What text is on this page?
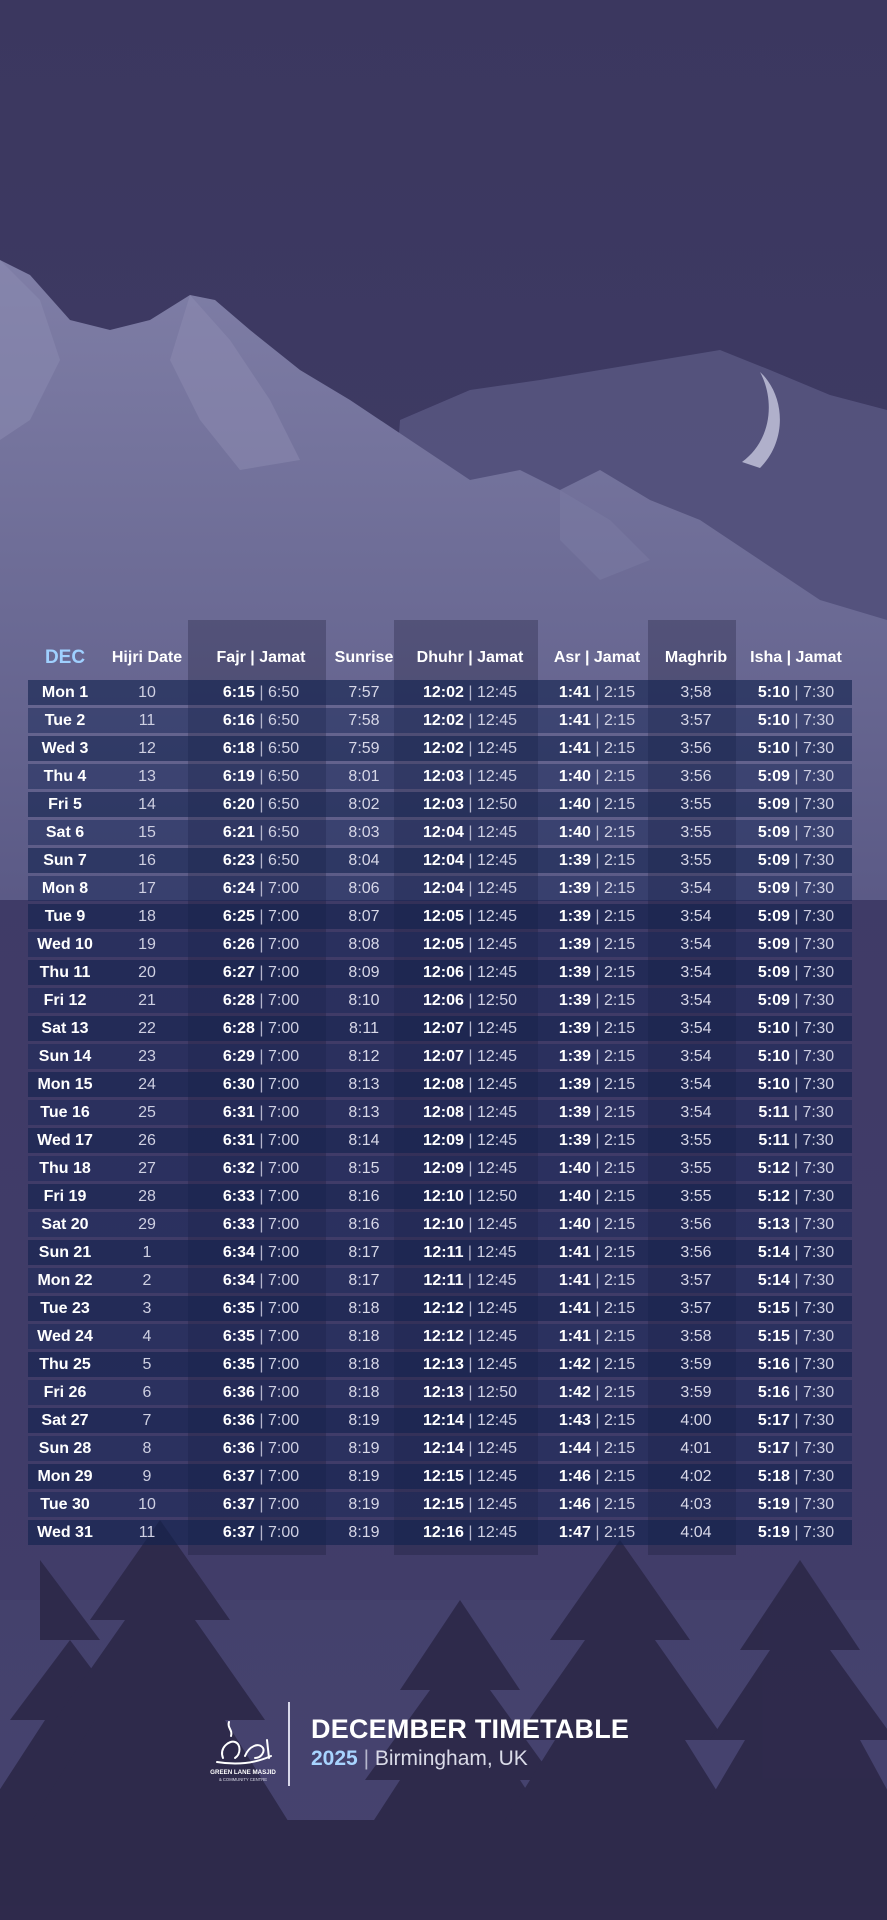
DEC	Hijri Date	Fajr | Jamat	Sunrise	Dhuhr | Jamat	Asr | Jamat	Maghrib	Isha | Jamat
Mon 1	10	6:15 | 6:50	7:57	12:02 | 12:45	1:41 | 2:15	3;58	5:10 | 7:30
Tue 2	11	6:16 | 6:50	7:58	12:02 | 12:45	1:41 | 2:15	3:57	5:10 | 7:30
Wed 3	12	6:18 | 6:50	7:59	12:02 | 12:45	1:41 | 2:15	3:56	5:10 | 7:30
Thu 4	13	6:19 | 6:50	8:01	12:03 | 12:45	1:40 | 2:15	3:56	5:09 | 7:30
Fri 5	14	6:20 | 6:50	8:02	12:03 | 12:50	1:40 | 2:15	3:55	5:09 | 7:30
Sat 6	15	6:21 | 6:50	8:03	12:04 | 12:45	1:40 | 2:15	3:55	5:09 | 7:30
Sun 7	16	6:23 | 6:50	8:04	12:04 | 12:45	1:39 | 2:15	3:55	5:09 | 7:30
Mon 8	17	6:24 | 7:00	8:06	12:04 | 12:45	1:39 | 2:15	3:54	5:09 | 7:30
Tue 9	18	6:25 | 7:00	8:07	12:05 | 12:45	1:39 | 2:15	3:54	5:09 | 7:30
Wed 10	19	6:26 | 7:00	8:08	12:05 | 12:45	1:39 | 2:15	3:54	5:09 | 7:30
Thu 11	20	6:27 | 7:00	8:09	12:06 | 12:45	1:39 | 2:15	3:54	5:09 | 7:30
Fri 12	21	6:28 | 7:00	8:10	12:06 | 12:50	1:39 | 2:15	3:54	5:09 | 7:30
Sat 13	22	6:28 | 7:00	8:11	12:07 | 12:45	1:39 | 2:15	3:54	5:10 | 7:30
Sun 14	23	6:29 | 7:00	8:12	12:07 | 12:45	1:39 | 2:15	3:54	5:10 | 7:30
Mon 15	24	6:30 | 7:00	8:13	12:08 | 12:45	1:39 | 2:15	3:54	5:10 | 7:30
Tue 16	25	6:31 | 7:00	8:13	12:08 | 12:45	1:39 | 2:15	3:54	5:11 | 7:30
Wed 17	26	6:31 | 7:00	8:14	12:09 | 12:45	1:39 | 2:15	3:55	5:11 | 7:30
Thu 18	27	6:32 | 7:00	8:15	12:09 | 12:45	1:40 | 2:15	3:55	5:12 | 7:30
Fri 19	28	6:33 | 7:00	8:16	12:10 | 12:50	1:40 | 2:15	3:55	5:12 | 7:30
Sat 20	29	6:33 | 7:00	8:16	12:10 | 12:45	1:40 | 2:15	3:56	5:13 | 7:30
Sun 21	1	6:34 | 7:00	8:17	12:11 | 12:45	1:41 | 2:15	3:56	5:14 | 7:30
Mon 22	2	6:34 | 7:00	8:17	12:11 | 12:45	1:41 | 2:15	3:57	5:14 | 7:30
Tue 23	3	6:35 | 7:00	8:18	12:12 | 12:45	1:41 | 2:15	3:57	5:15 | 7:30
Wed 24	4	6:35 | 7:00	8:18	12:12 | 12:45	1:41 | 2:15	3:58	5:15 | 7:30
Thu 25	5	6:35 | 7:00	8:18	12:13 | 12:45	1:42 | 2:15	3:59	5:16 | 7:30
Fri 26	6	6:36 | 7:00	8:18	12:13 | 12:50	1:42 | 2:15	3:59	5:16 | 7:30
Sat 27	7	6:36 | 7:00	8:19	12:14 | 12:45	1:43 | 2:15	4:00	5:17 | 7:30
Sun 28	8	6:36 | 7:00	8:19	12:14 | 12:45	1:44 | 2:15	4:01	5:17 | 7:30
Mon 29	9	6:37 | 7:00	8:19	12:15 | 12:45	1:46 | 2:15	4:02	5:18 | 7:30
Tue 30	10	6:37 | 7:00	8:19	12:15 | 12:45	1:46 | 2:15	4:03	5:19 | 7:30
Wed 31	11	6:37 | 7:00	8:19	12:16 | 12:45	1:47 | 2:15	4:04	5:19 | 7:30
GREEN LANE MASJID
& COMMUNITY CENTRE
DECEMBER TIMETABLE
2025 | Birmingham, UK
